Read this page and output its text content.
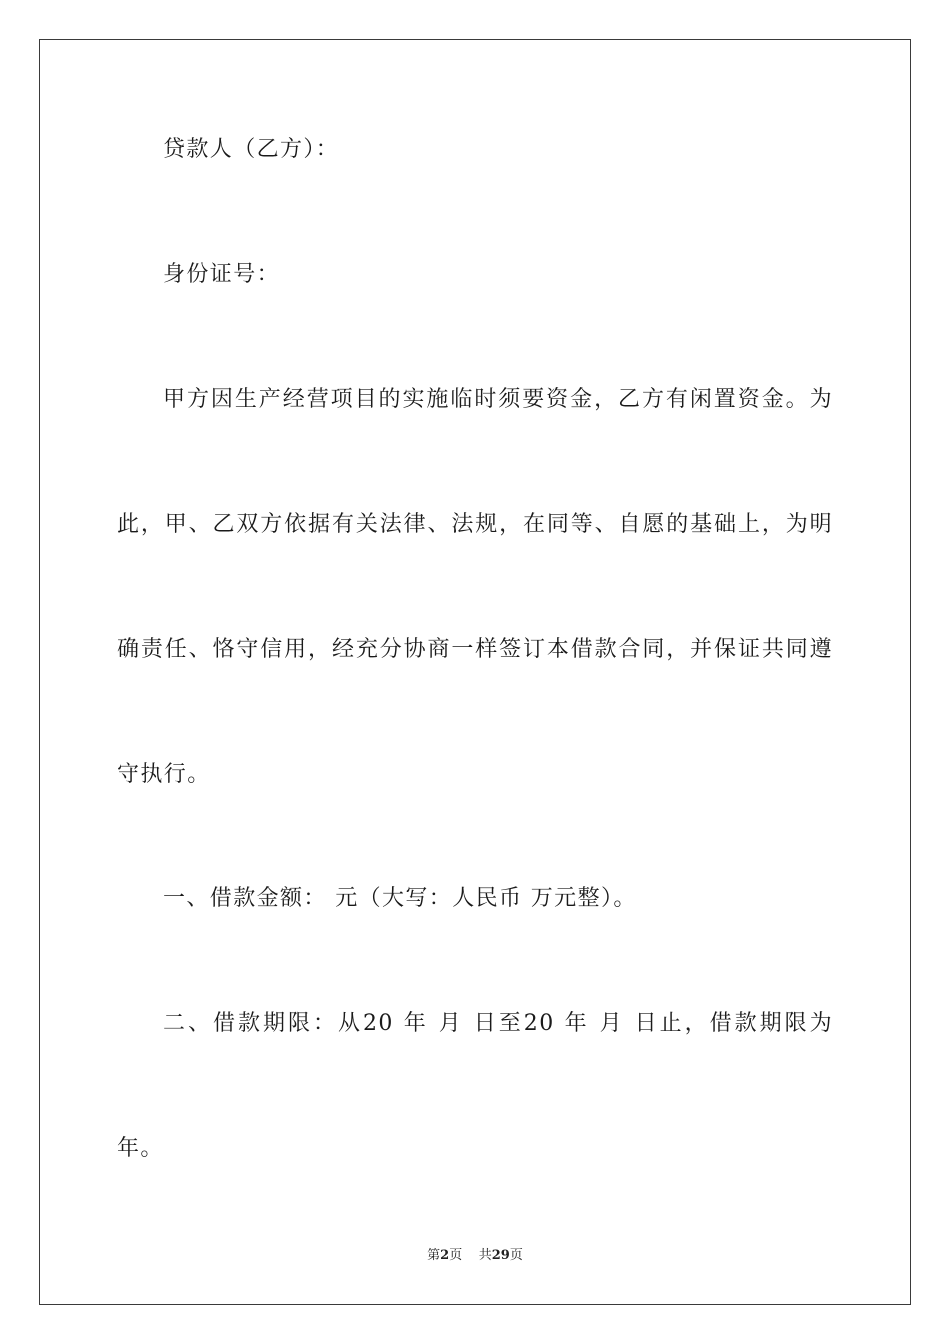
贷款人（乙方）：
身份证号：
甲方因生产经营项目的实施临时须要资金，乙方有闲置资金。为
此，甲、乙双方依据有关法律、法规，在同等、自愿的基础上，为明
确责任、恪守信用，经充分协商一样签订本借款合同，并保证共同遵
守执行。
一、借款金额： 元（大写：人民币 万元整）。
二、借款期限：从20 年 月 日至20 年 月 日止，借款期限为
年。
第2页 共29页
